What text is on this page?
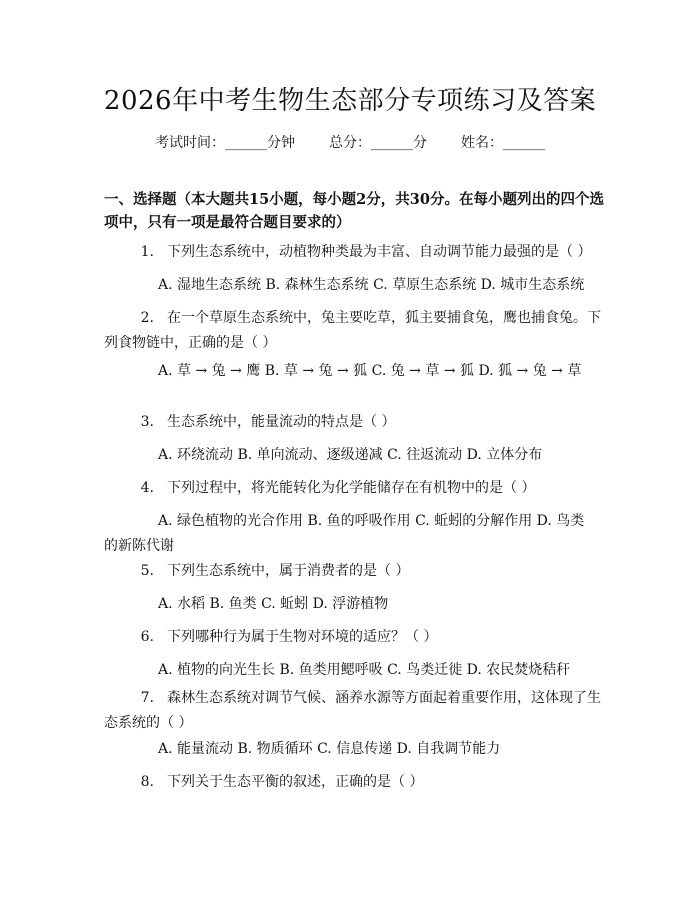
2026年中考生物生态部分专项练习及答案
考试时间：______分钟 总分：______分 姓名：______
一、选择题（本大题共15小题，每小题2分，共30分。在每小题列出的四个选项中，只有一项是最符合题目要求的）
1. 下列生态系统中，动植物种类最为丰富、自动调节能力最强的是（ ）
A. 湿地生态系统 B. 森林生态系统 C. 草原生态系统 D. 城市生态系统
2. 在一个草原生态系统中，兔主要吃草，狐主要捕食兔，鹰也捕食兔。下列食物链中，正确的是（ ）
A. 草 → 兔 → 鹰 B. 草 → 兔 → 狐 C. 兔 → 草 → 狐 D. 狐 → 兔 → 草
3. 生态系统中，能量流动的特点是（ ）
A. 环绕流动 B. 单向流动、逐级递减 C. 往返流动 D. 立体分布
4. 下列过程中，将光能转化为化学能储存在有机物中的是（ ）
A. 绿色植物的光合作用 B. 鱼的呼吸作用 C. 蚯蚓的分解作用 D. 鸟类的新陈代谢
5. 下列生态系统中，属于消费者的是（ ）
A. 水稻 B. 鱼类 C. 蚯蚓 D. 浮游植物
6. 下列哪种行为属于生物对环境的适应？（ ）
A. 植物的向光生长 B. 鱼类用鳃呼吸 C. 鸟类迁徙 D. 农民焚烧秸秆
7. 森林生态系统对调节气候、涵养水源等方面起着重要作用，这体现了生态系统的（ ）
A. 能量流动 B. 物质循环 C. 信息传递 D. 自我调节能力
8. 下列关于生态平衡的叙述，正确的是（ ）
